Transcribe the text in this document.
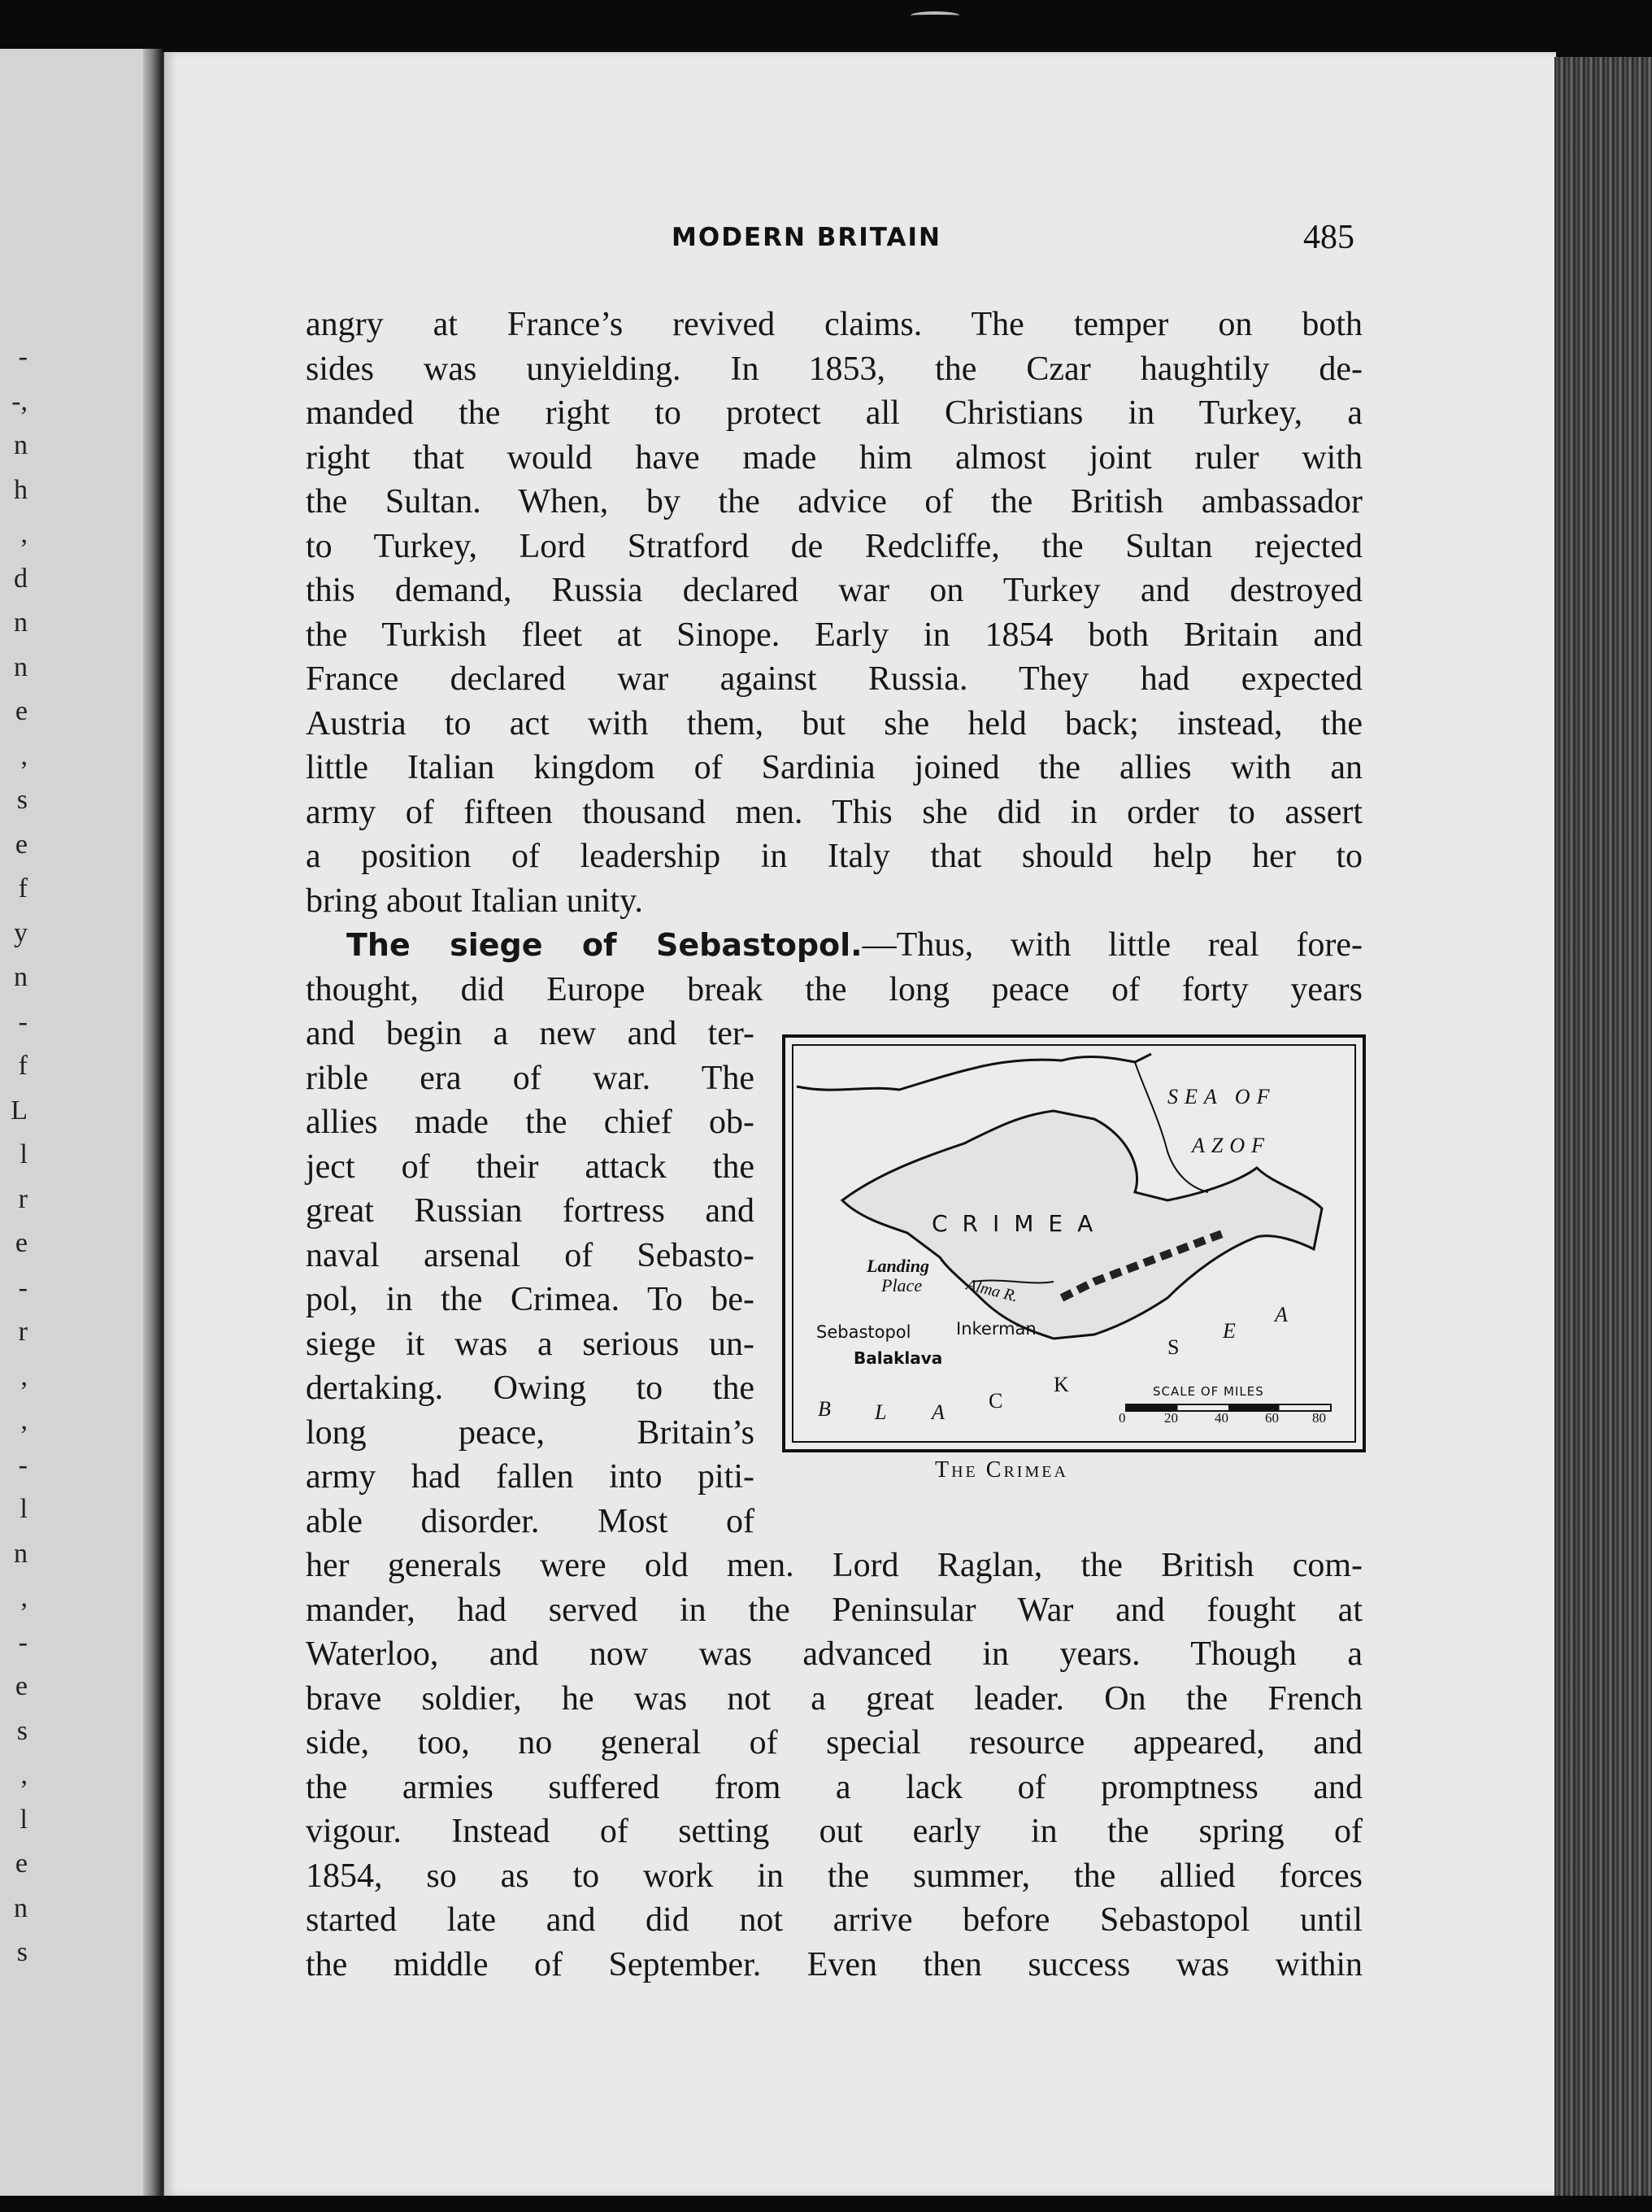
-
-,
n
h
,
d
n
n
e
,
s
e
f
y
n
-
f
L
l
r
e
-
r
,
,
-
l
n
,
-
e
s
,
l
e
n
s
MODERN BRITAIN	485
angry at France’s revived claims. The temper on both
sides was unyielding. In 1853, the Czar haughtily de-
manded the right to protect all Christians in Turkey, a
right that would have made him almost joint ruler with
the Sultan. When, by the advice of the British ambassador
to Turkey, Lord Stratford de Redcliffe, the Sultan rejected
this demand, Russia declared war on Turkey and destroyed
the Turkish fleet at Sinope. Early in 1854 both Britain and
France declared war against Russia. They had expected
Austria to act with them, but she held back; instead, the
little Italian kingdom of Sardinia joined the allies with an
army of fifteen thousand men. This she did in order to assert
a position of leadership in Italy that should help her to
bring about Italian unity.
The siege of Sebastopol.—Thus, with little real fore-
thought, did Europe break the long peace of forty years
and begin a new and ter-
rible era of war. The
allies made the chief ob-
ject of their attack the
great Russian fortress and
naval arsenal of Sebasto-
pol, in the Crimea. To be-
siege it was a serious un-
dertaking. Owing to the
long peace, Britain’s
army had fallen into piti-
able disorder. Most of
her generals were old men. Lord Raglan, the British com-
mander, had served in the Peninsular War and fought at
Waterloo, and now was advanced in years. Though a
brave soldier, he was not a great leader. On the French
side, too, no general of special resource appeared, and
the armies suffered from a lack of promptness and
vigour. Instead of setting out early in the spring of
1854, so as to work in the summer, the allied forces
started late and did not arrive before Sebastopol until
the middle of September. Even then success was within
SEA OF
AZOF
CRIMEA
Landing
Place	Alma R.
Sebastopol	Inkerman
Balaklava
B L A C
K
S
E
A
SCALE OF MILES
0	20	40	60 80
The Crimea
